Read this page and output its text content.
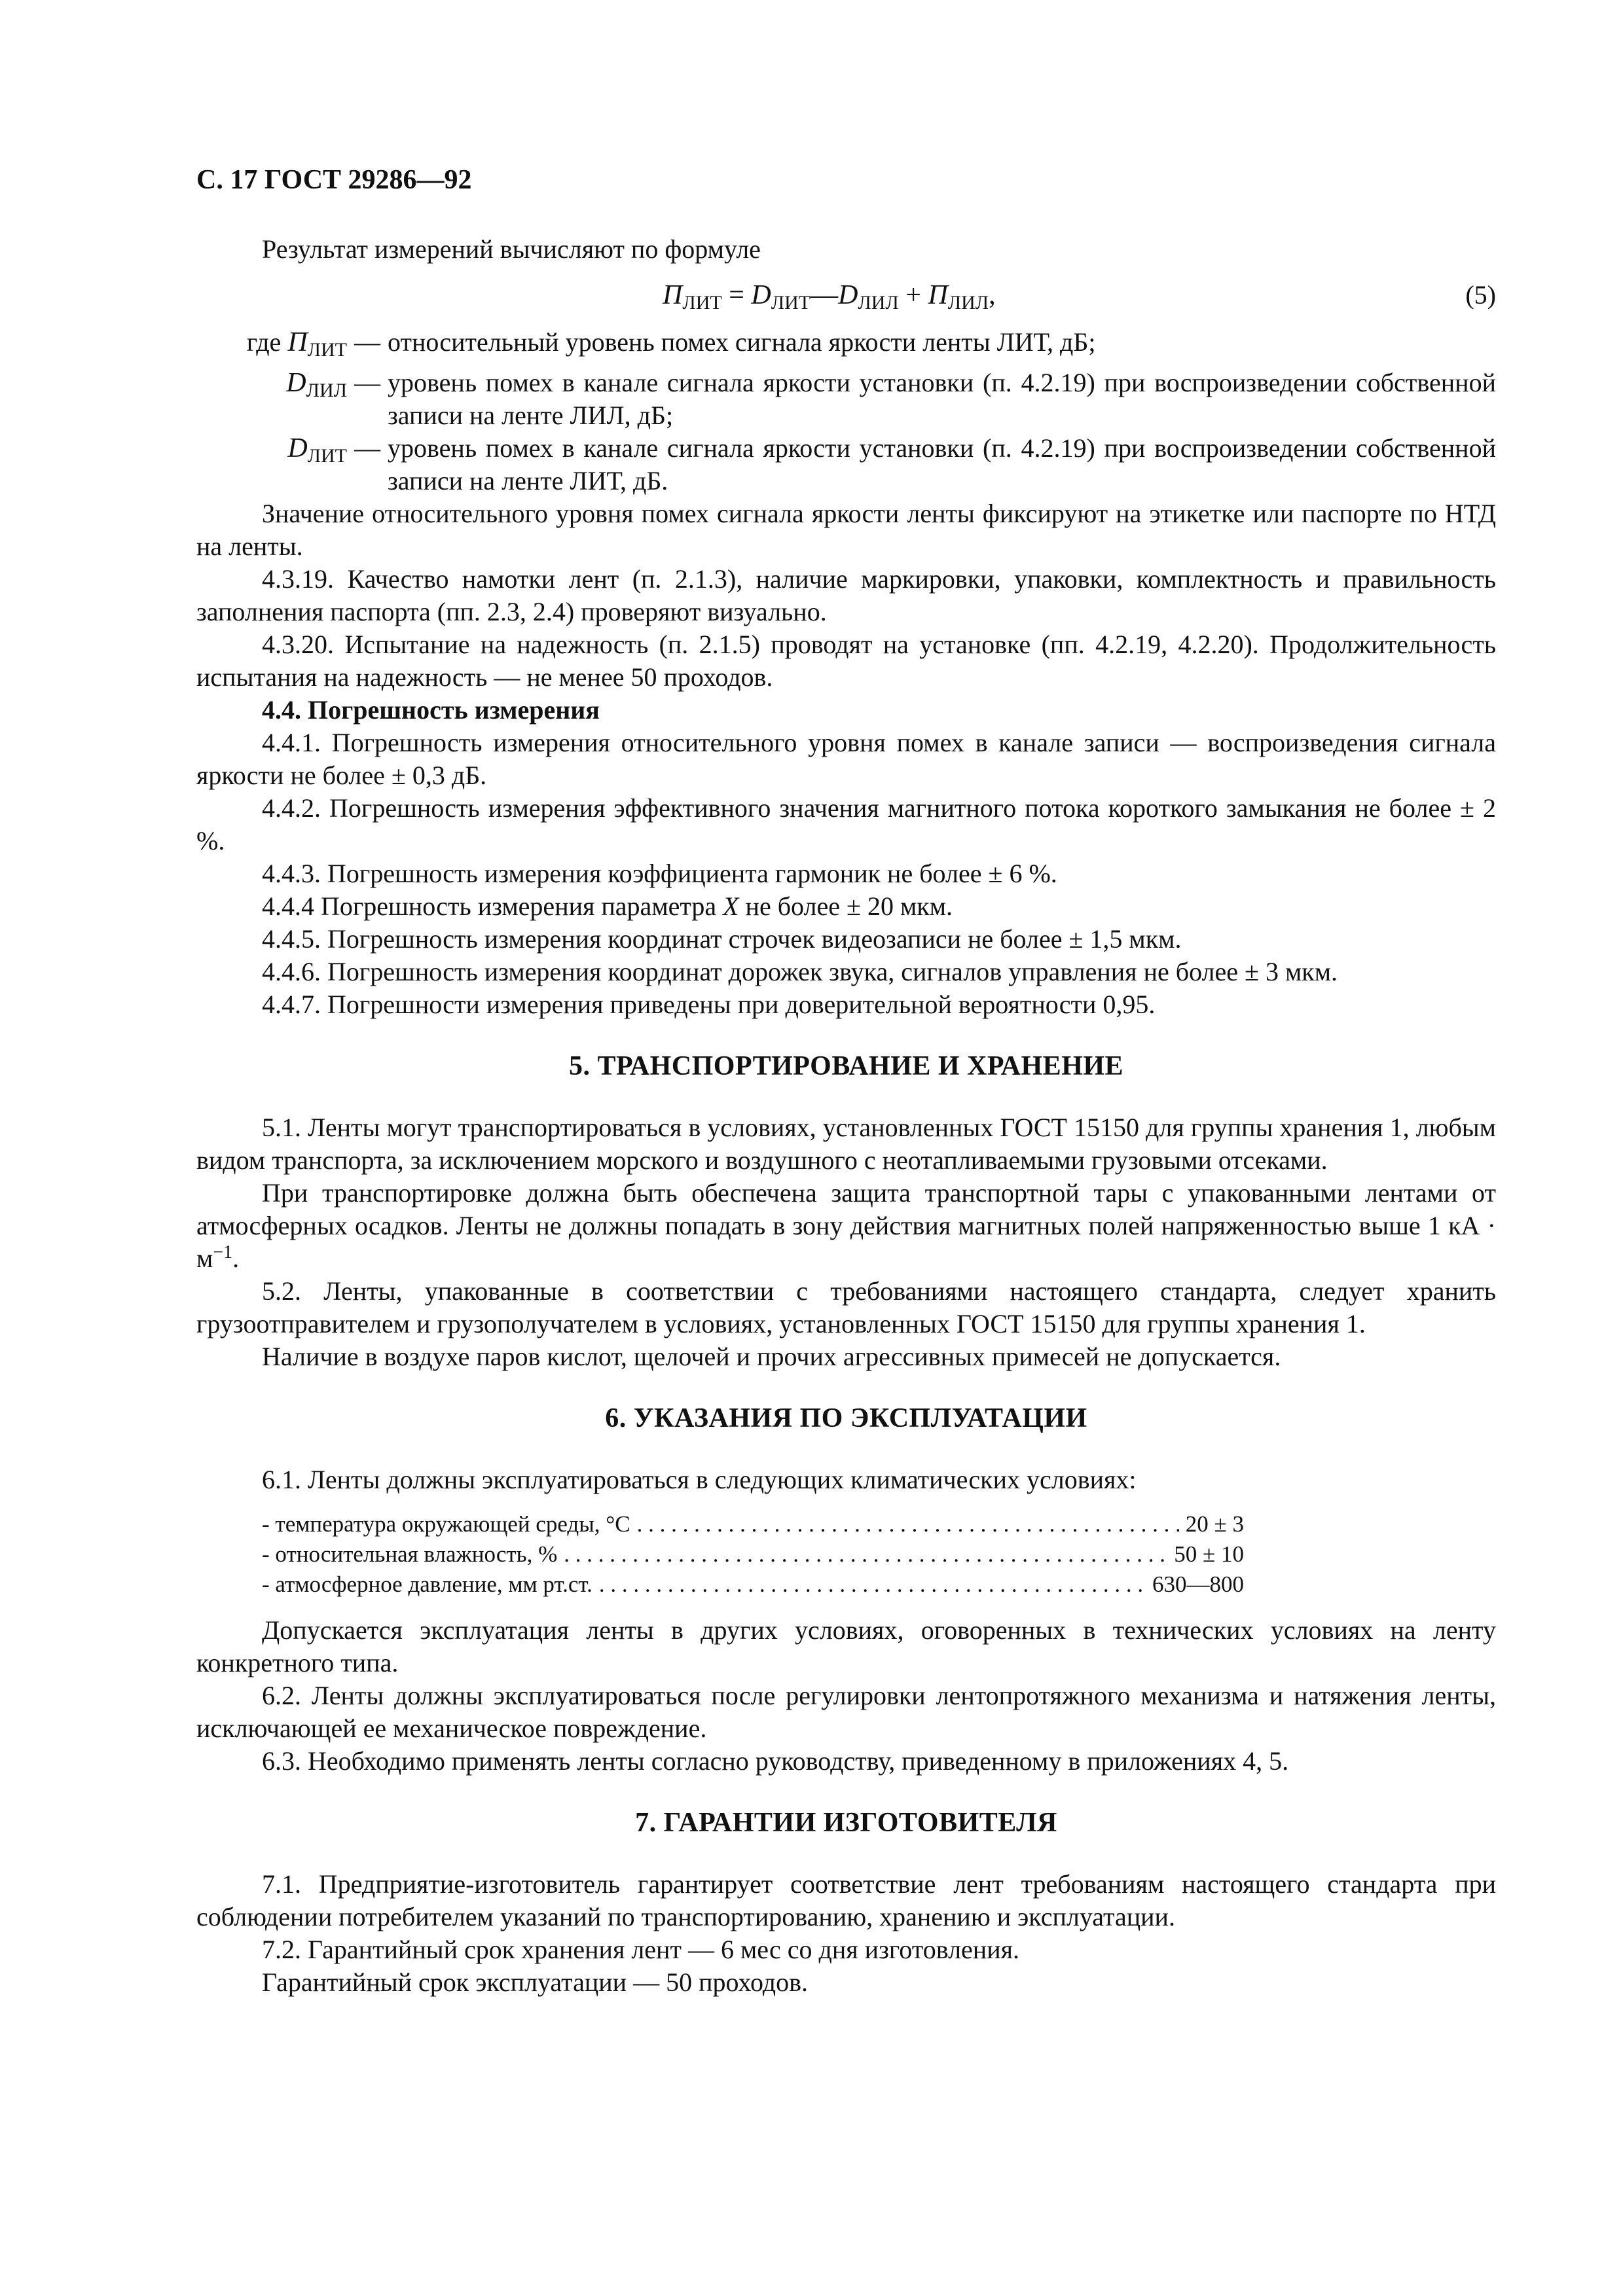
С. 17 ГОСТ 29286—92
Результат измерений вычисляют по формуле
$П_{ЛИТ}$ = $D_{ЛИТ}—D_{ЛИЛ} + П_{ЛИЛ}$,	(5)
где $П_{ЛИТ}$ — относительный уровень помех сигнала яркости ленты ЛИТ, дБ;
$D_{ЛИЛ}$ — уровень помех в канале сигнала яркости установки (п. 4.2.19) при воспроизведении собственной записи на ленте ЛИЛ, дБ;
$D_{ЛИТ}$ — уровень помех в канале сигнала яркости установки (п. 4.2.19) при воспроизведении собственной записи на ленте ЛИТ, дБ.
Значение относительного уровня помех сигнала яркости ленты фиксируют на этикетке или паспорте по НТД на ленты.
4.3.19. Качество намотки лент (п. 2.1.3), наличие маркировки, упаковки, комплектность и правильность заполнения паспорта (пп. 2.3, 2.4) проверяют визуально.
4.3.20. Испытание на надежность (п. 2.1.5) проводят на установке (пп. 4.2.19, 4.2.20). Продолжительность испытания на надежность — не менее 50 проходов.
4.4. Погрешность измерения
4.4.1. Погрешность измерения относительного уровня помех в канале записи — воспроизведения сигнала яркости не более ± 0,3 дБ.
4.4.2. Погрешность измерения эффективного значения магнитного потока короткого замыкания не более ± 2 %.
4.4.3. Погрешность измерения коэффициента гармоник не более ± 6 %.
4.4.4 Погрешность измерения параметра X не более ± 20 мкм.
4.4.5. Погрешность измерения координат строчек видеозаписи не более ± 1,5 мкм.
4.4.6. Погрешность измерения координат дорожек звука, сигналов управления не более ± 3 мкм.
4.4.7. Погрешности измерения приведены при доверительной вероятности 0,95.
5. ТРАНСПОРТИРОВАНИЕ И ХРАНЕНИЕ
5.1. Ленты могут транспортироваться в условиях, установленных ГОСТ 15150 для группы хранения 1, любым видом транспорта, за исключением морского и воздушного с неотапливаемыми грузовыми отсеками.
При транспортировке должна быть обеспечена защита транспортной тары с упакованными лентами от атмосферных осадков. Ленты не должны попадать в зону действия магнитных полей напряженностью выше 1 кА · $м^{-1}$.
5.2. Ленты, упакованные в соответствии с требованиями настоящего стандарта, следует хранить грузоотправителем и грузополучателем в условиях, установленных ГОСТ 15150 для группы хранения 1.
Наличие в воздухе паров кислот, щелочей и прочих агрессивных примесей не допускается.
6. УКАЗАНИЯ ПО ЭКСПЛУАТАЦИИ
6.1. Ленты должны эксплуатироваться в следующих климатических условиях:
- температура окружающей среды, °С . . .	20 ± 3
- относительная влажность, % . . .	50 ± 10
- атмосферное давление, мм рт.ст. . . .	630—800
Допускается эксплуатация ленты в других условиях, оговоренных в технических условиях на ленту конкретного типа.
6.2. Ленты должны эксплуатироваться после регулировки лентопротяжного механизма и натяжения ленты, исключающей ее механическое повреждение.
6.3. Необходимо применять ленты согласно руководству, приведенному в приложениях 4, 5.
7. ГАРАНТИИ ИЗГОТОВИТЕЛЯ
7.1. Предприятие-изготовитель гарантирует соответствие лент требованиям настоящего стандарта при соблюдении потребителем указаний по транспортированию, хранению и эксплуатации.
7.2. Гарантийный срок хранения лент — 6 мес со дня изготовления.
Гарантийный срок эксплуатации — 50 проходов.
